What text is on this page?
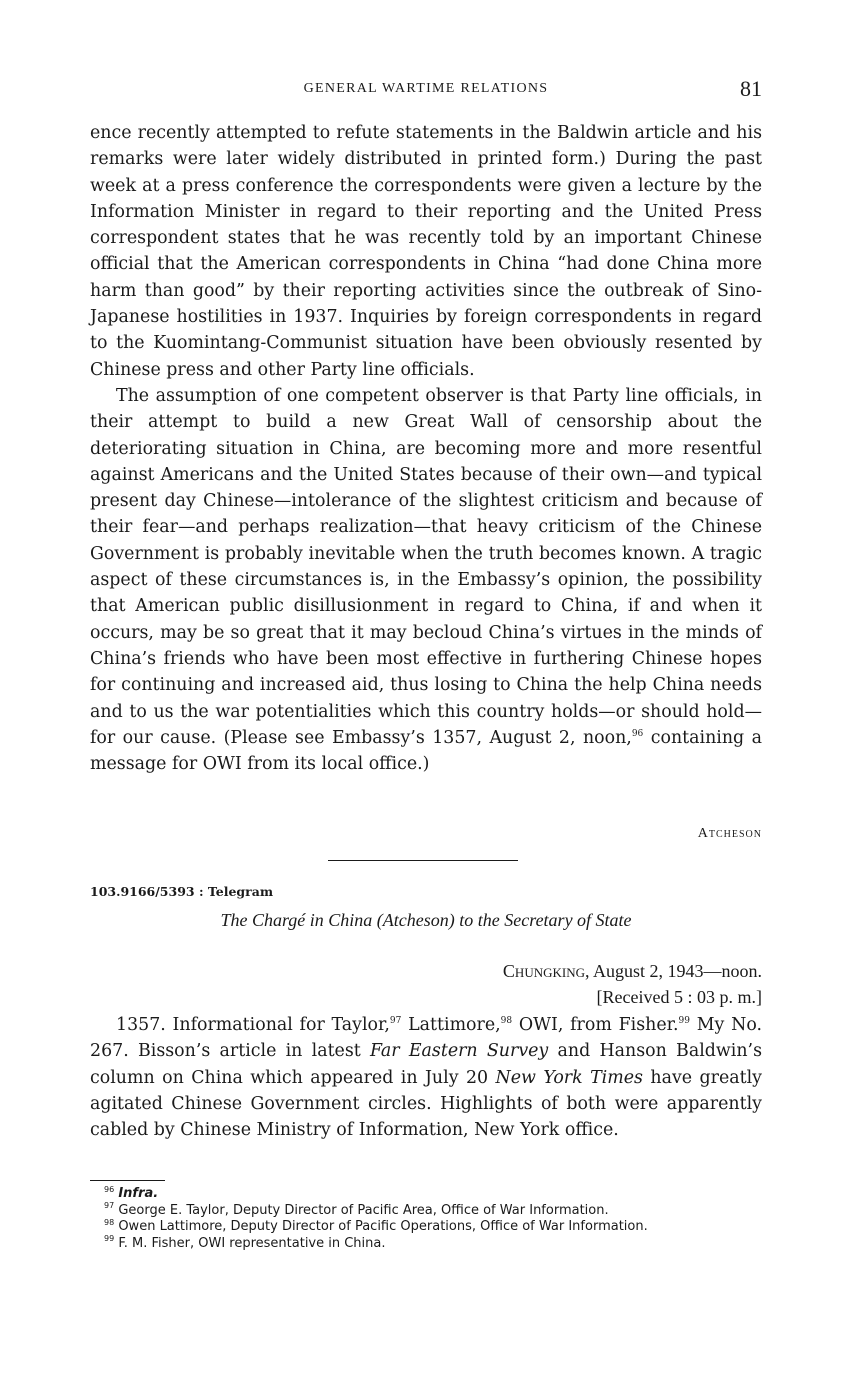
GENERAL WARTIME RELATIONS	81

ence recently attempted to refute statements in the Baldwin article and his remarks were later widely distributed in printed form.) During the past week at a press conference the correspondents were given a lecture by the Information Minister in regard to their reporting and the United Press correspondent states that he was recently told by an important Chinese official that the American correspondents in China “had done China more harm than good” by their reporting activities since the outbreak of Sino-Japanese hostilities in 1937. Inquiries by foreign correspondents in regard to the Kuomintang-Communist situation have been obviously resented by Chinese press and other Party line officials.

The assumption of one competent observer is that Party line officials, in their attempt to build a new Great Wall of censorship about the deteriorating situation in China, are becoming more and more resentful against Americans and the United States because of their own—and typical present day Chinese—intolerance of the slightest criticism and because of their fear—and perhaps realization—that heavy criticism of the Chinese Government is probably inevitable when the truth becomes known. A tragic aspect of these circumstances is, in the Embassy’s opinion, the possibility that American public disillusionment in regard to China, if and when it occurs, may be so great that it may becloud China’s virtues in the minds of China’s friends who have been most effective in furthering Chinese hopes for continuing and increased aid, thus losing to China the help China needs and to us the war potentialities which this country holds—or should hold—for our cause. (Please see Embassy’s 1357, August 2, noon,$^{96}$ containing a message for OWI from its local office.)

Atcheson
103.9166/5393 : Telegram
The Chargé in China (Atcheson) to the Secretary of State
Chungking, August 2, 1943—noon.
[Received 5 : 03 p. m.]

1357. Informational for Taylor,$^{97}$ Lattimore,$^{98}$ OWI, from Fisher.$^{99}$ My No. 267. Bisson’s article in latest Far Eastern Survey and Hanson Baldwin’s column on China which appeared in July 20 New York Times have greatly agitated Chinese Government circles. Highlights of both were apparently cabled by Chinese Ministry of Information, New York office.

$^{96}$ Infra.

$^{97}$ George E. Taylor, Deputy Director of Pacific Area, Office of War Information.

$^{98}$ Owen Lattimore, Deputy Director of Pacific Operations, Office of War Information.

$^{99}$ F. M. Fisher, OWI representative in China.
